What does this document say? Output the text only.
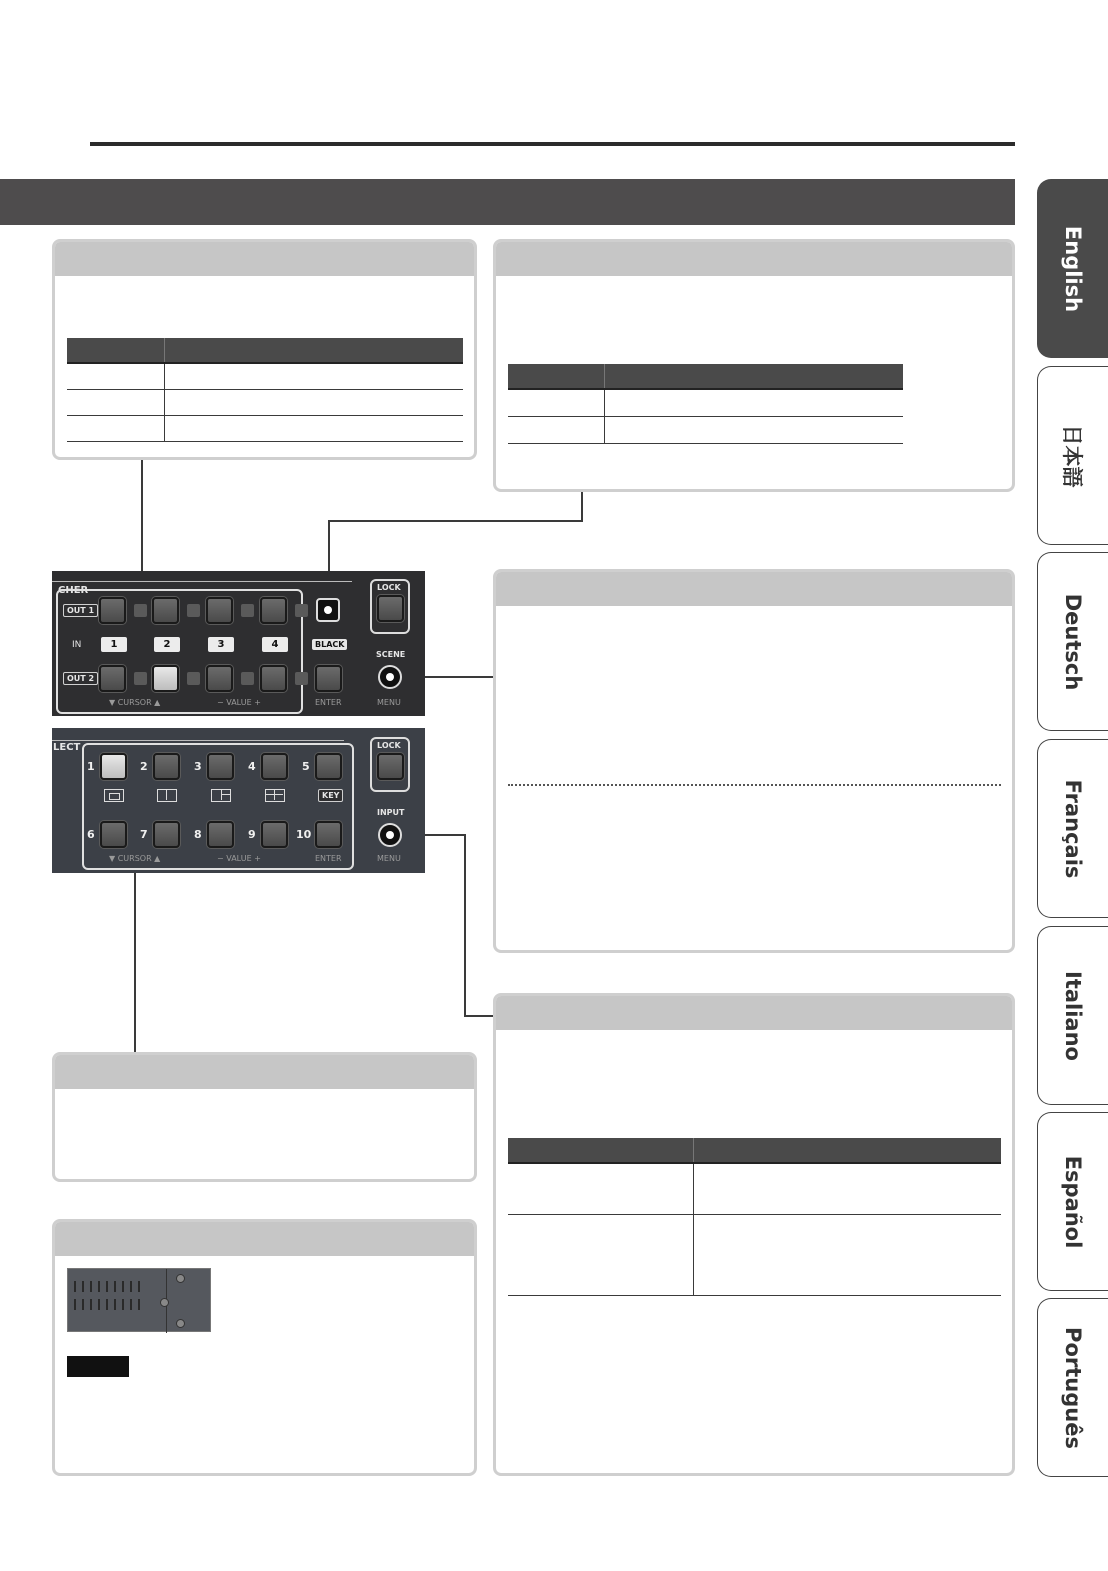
CHER
OUT 1
IN	1	2	3	4	BLACK
OUT 2
▼ CURSOR ▲	− VALUE +	ENTER
LOCK
SCENE
MENU
LECT
1	2	3	4	5
KEY
6	7	8	9	10
▼ CURSOR ▲	− VALUE +	ENTER
LOCK
INPUT
MENU
English
日本語
Deutsch
Français
Italiano
Español
Português
